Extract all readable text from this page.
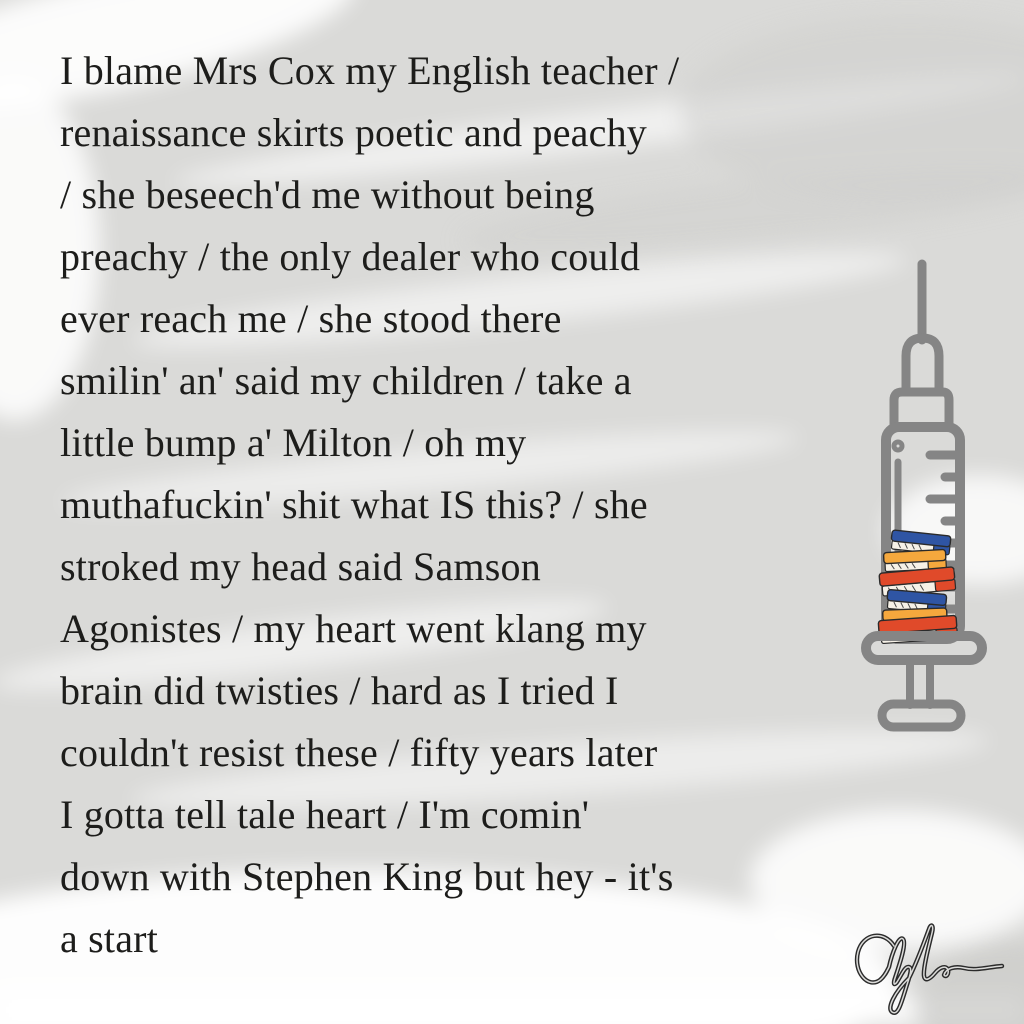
I blame Mrs Cox my English teacher /
renaissance skirts poetic and peachy
/ she beseech'd me without being
preachy / the only dealer who could
ever reach me / she stood there
smilin' an' said my children / take a
little bump a' Milton / oh my
muthafuckin' shit what IS this? / she
stroked my head said Samson
Agonistes / my heart went klang my
brain did twisties / hard as I tried I
couldn't resist these / fifty years later
I gotta tell tale heart / I'm comin'
down with Stephen King but hey - it's
a start
